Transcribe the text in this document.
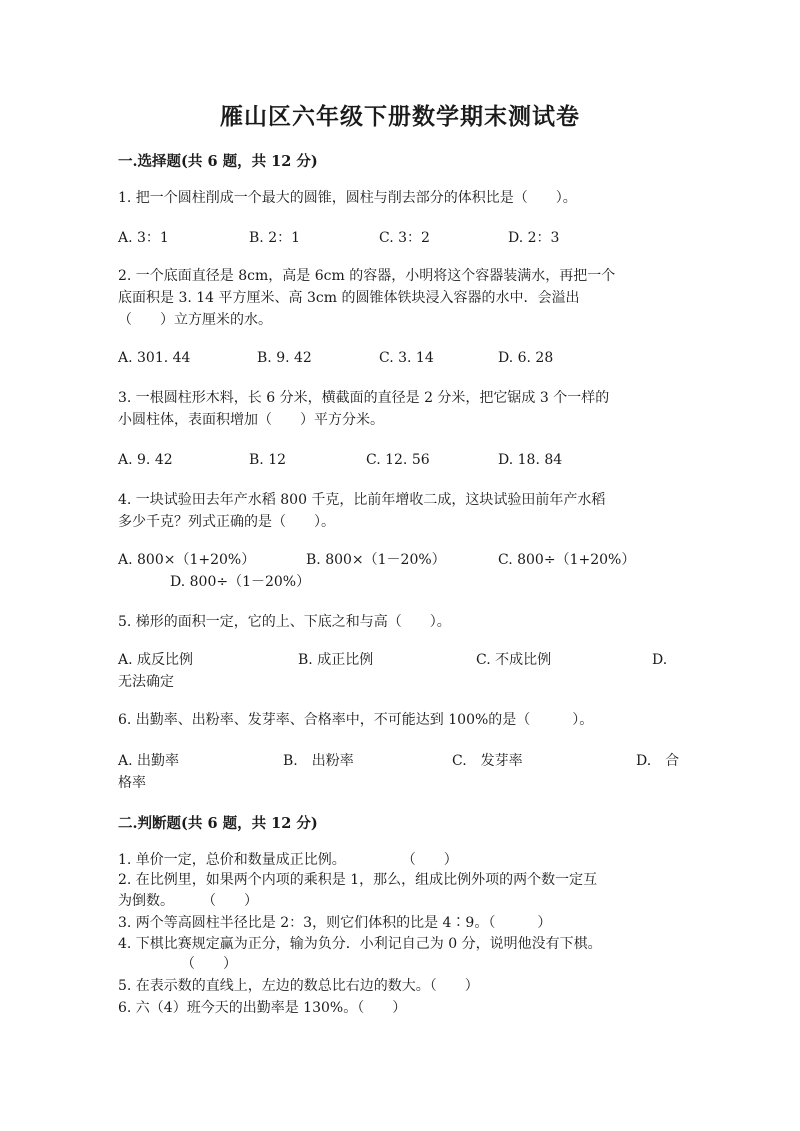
雁山区六年级下册数学期末测试卷
一.选择题(共 6 题，共 12 分)
1. 把一个圆柱削成一个最大的圆锥，圆柱与削去部分的体积比是（　　）。
A. 3：1	B. 2：1	C. 3：2	D. 2：3
2. 一个底面直径是 8cm，高是 6cm 的容器，小明将这个容器装满水，再把一个
底面积是 3. 14 平方厘米、高 3cm 的圆锥体铁块浸入容器的水中．会溢出
（　　）立方厘米的水。
A. 301. 44	B. 9. 42	C. 3. 14	D. 6. 28
3. 一根圆柱形木料，长 6 分米，横截面的直径是 2 分米，把它锯成 3 个一样的
小圆柱体，表面积增加（　　）平方分米。
A. 9. 42	B. 12	C. 12. 56	D. 18. 84
4. 一块试验田去年产水稻 800 千克，比前年增收二成，这块试验田前年产水稻
多少千克？列式正确的是（　　）。
A. 800×（1+20%）	B. 800×（1－20%）	C. 800÷（1+20%）
D. 800÷（1－20%）
5. 梯形的面积一定，它的上、下底之和与高（　　）。
A. 成反比例	B. 成正比例	C. 不成比例	D.
无法确定
6. 出勤率、出粉率、发芽率、合格率中，不可能达到 100%的是（　　　）。
A. 出勤率	B.　出粉率	C.　发芽率	D.　合
格率
二.判断题(共 6 题，共 12 分)
1. 单价一定，总价和数量成正比例。　　　　　（　　）
2. 在比例里，如果两个内项的乘积是 1，那么，组成比例外项的两个数一定互
为倒数。　　　（　　）
3. 两个等高圆柱半径比是 2：3，则它们体积的比是 4∶9。（　　　）
4. 下棋比赛规定赢为正分，输为负分．小利记自己为 0 分，说明他没有下棋。
　　　　　（　　）
5. 在表示数的直线上，左边的数总比右边的数大。（　　）
6. 六（4）班今天的出勤率是 130%。（　　）
